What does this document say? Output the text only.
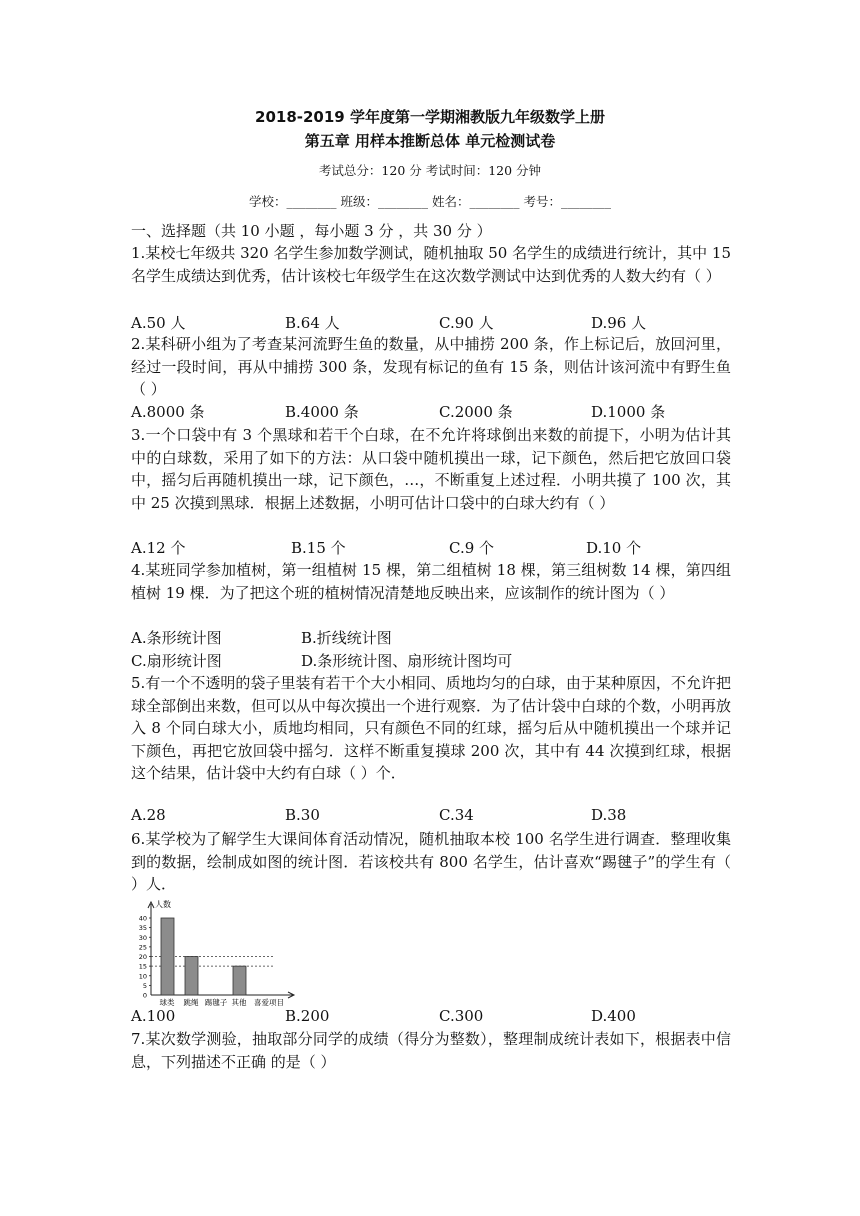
2018-2019 学年度第一学期湘教版九年级数学上册
第五章 用样本推断总体 单元检测试卷
考试总分：120 分 考试时间：120 分钟
学校：________ 班级：________ 姓名：________ 考号：________
一、选择题（共 10 小题 ，每小题 3 分 ，共 30 分 ）
1.某校七年级共 320 名学生参加数学测试，随机抽取 50 名学生的成绩进行统计，其中 15 名学生成绩达到优秀，估计该校七年级学生在这次数学测试中达到优秀的人数大约有（ ）
A.50 人	B.64 人	C.90 人	D.96 人
2.某科研小组为了考查某河流野生鱼的数量，从中捕捞 200 条，作上标记后，放回河里，经过一段时间，再从中捕捞 300 条，发现有标记的鱼有 15 条，则估计该河流中有野生鱼（ ）
A.8000 条	B.4000 条	C.2000 条	D.1000 条
3.一个口袋中有 3 个黑球和若干个白球，在不允许将球倒出来数的前提下，小明为估计其中的白球数，采用了如下的方法：从口袋中随机摸出一球，记下颜色，然后把它放回口袋中，摇匀后再随机摸出一球，记下颜色，…，不断重复上述过程．小明共摸了 100 次，其中 25 次摸到黑球．根据上述数据，小明可估计口袋中的白球大约有（ ）
A.12 个	B.15 个	C.9 个	D.10 个
4.某班同学参加植树，第一组植树 15 棵，第二组植树 18 棵，第三组树数 14 棵，第四组植树 19 棵．为了把这个班的植树情况清楚地反映出来，应该制作的统计图为（ ）
A.条形统计图	B.折线统计图
C.扇形统计图	D.条形统计图、扇形统计图均可
5.有一个不透明的袋子里装有若干个大小相同、质地均匀的白球，由于某种原因，不允许把球全部倒出来数，但可以从中每次摸出一个进行观察．为了估计袋中白球的个数，小明再放入 8 个同白球大小，质地均相同，只有颜色不同的红球，摇匀后从中随机摸出一个球并记下颜色，再把它放回袋中摇匀．这样不断重复摸球 200 次，其中有 44 次摸到红球，根据这个结果，估计袋中大约有白球（ ）个．
A.28	B.30	C.34	D.38
6.某学校为了解学生大课间体育活动情况，随机抽取本校 100 名学生进行调查．整理收集到的数据，绘制成如图的统计图．若该校共有 800 名学生，估计喜欢“踢毽子”的学生有（ ）人．
人数
喜爱项目
0
5
10
15
20
25
30
35
40
球类 跳绳 踢毽子 其他
A.100	B.200	C.300	D.400
7.某次数学测验，抽取部分同学的成绩（得分为整数），整理制成统计表如下，根据表中信息，下列描述不正确 的是（ ）
